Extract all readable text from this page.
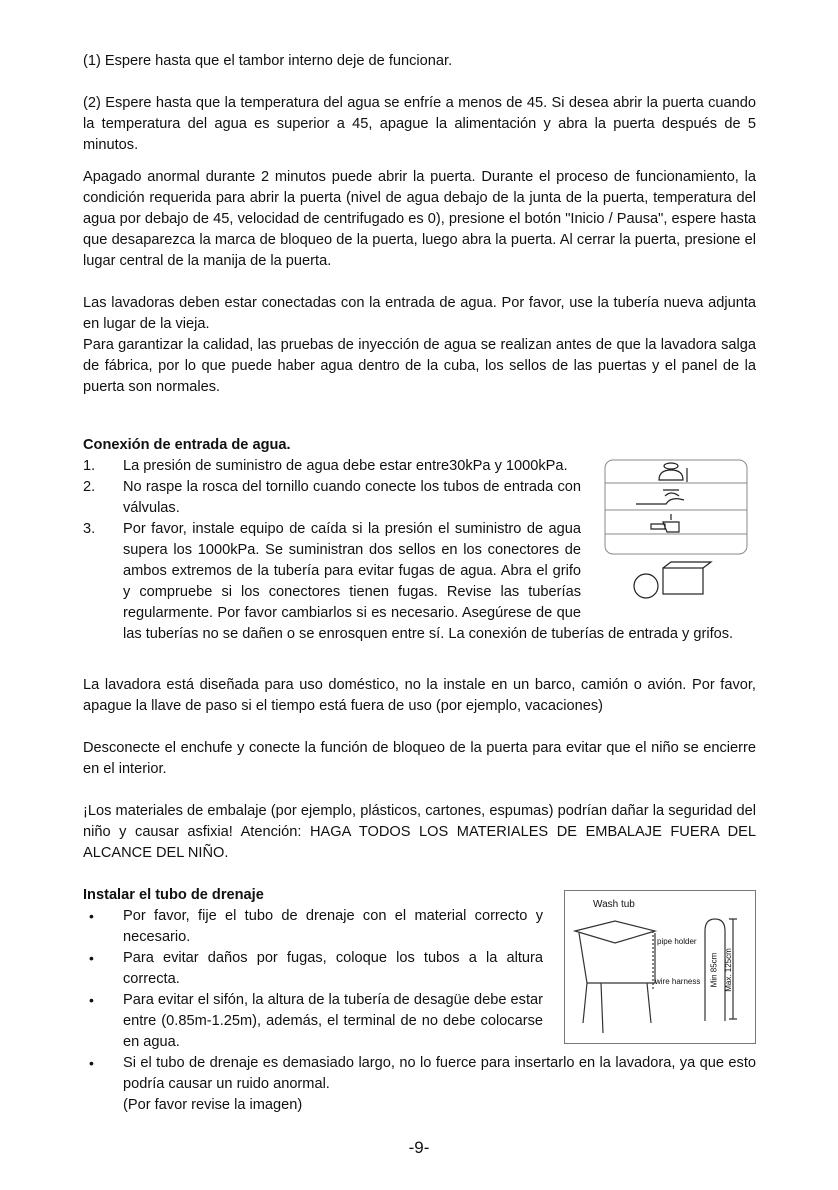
(1) Espere hasta que el tambor interno deje de funcionar.

(2) Espere hasta que la temperatura del agua se enfríe a menos de 45. Si desea abrir la puerta cuando la temperatura del agua es superior a 45, apague la alimentación y abra la puerta después de 5 minutos.

Apagado anormal durante 2 minutos puede abrir la puerta. Durante el proceso de funcionamiento, la condición requerida para abrir la puerta (nivel de agua debajo de la junta de la puerta, temperatura del agua por debajo de 45, velocidad de centrifugado es 0), presione el botón "Inicio / Pausa", espere hasta que desaparezca la marca de bloqueo de la puerta, luego abra la puerta. Al cerrar la puerta, presione el lugar central de la manija de la puerta.

Las lavadoras deben estar conectadas con la entrada de agua. Por favor, use la tubería nueva adjunta en lugar de la vieja.

Para garantizar la calidad, las pruebas de inyección de agua se realizan antes de que la lavadora salga de fábrica, por lo que puede haber agua dentro de la cuba, los sellos de las puertas y el panel de la puerta son normales.

Conexión de entrada de agua.

1. La presión de suministro de agua debe estar entre30kPa y 1000kPa.
2. No raspe la rosca del tornillo cuando conecte los tubos de entrada con válvulas.
3. Por favor, instale equipo de caída si la presión el suministro de agua supera los 1000kPa. Se suministran dos sellos en los conectores de ambos extremos de la tubería para evitar fugas de agua. Abra el grifo y compruebe si los conectores tienen fugas. Revise las tuberías regularmente. Por favor cambiarlos si es necesario. Asegúrese de que las tuberías no se dañen o se enrosquen entre sí. La conexión de tuberías de entrada y grifos.

La lavadora está diseñada para uso doméstico, no la instale en un barco, camión o avión. Por favor, apague la llave de paso si el tiempo está fuera de uso (por ejemplo, vacaciones)

Desconecte el enchufe y conecte la función de bloqueo de la puerta para evitar que el niño se encierre en el interior.

¡Los materiales de embalaje (por ejemplo, plásticos, cartones, espumas) podrían dañar la seguridad del niño y causar asfixia! Atención: HAGA TODOS LOS MATERIALES DE EMBALAJE FUERA DEL ALCANCE DEL NIÑO.

Instalar el tubo de drenaje

Wash tub
pipe holder
wire harness Min 85cm Max. 125cm
• Por favor, fije el tubo de drenaje con el material correcto y necesario.
• Para evitar daños por fugas, coloque los tubos a la altura correcta.
• Para evitar el sifón, la altura de la tubería de desagüe debe estar entre (0.85m-1.25m), además, el terminal de no debe colocarse en agua.
• Si el tubo de drenaje es demasiado largo, no lo fuerce para insertarlo en la lavadora, ya que esto podría causar un ruido anormal.
(Por favor revise la imagen)
-9-
